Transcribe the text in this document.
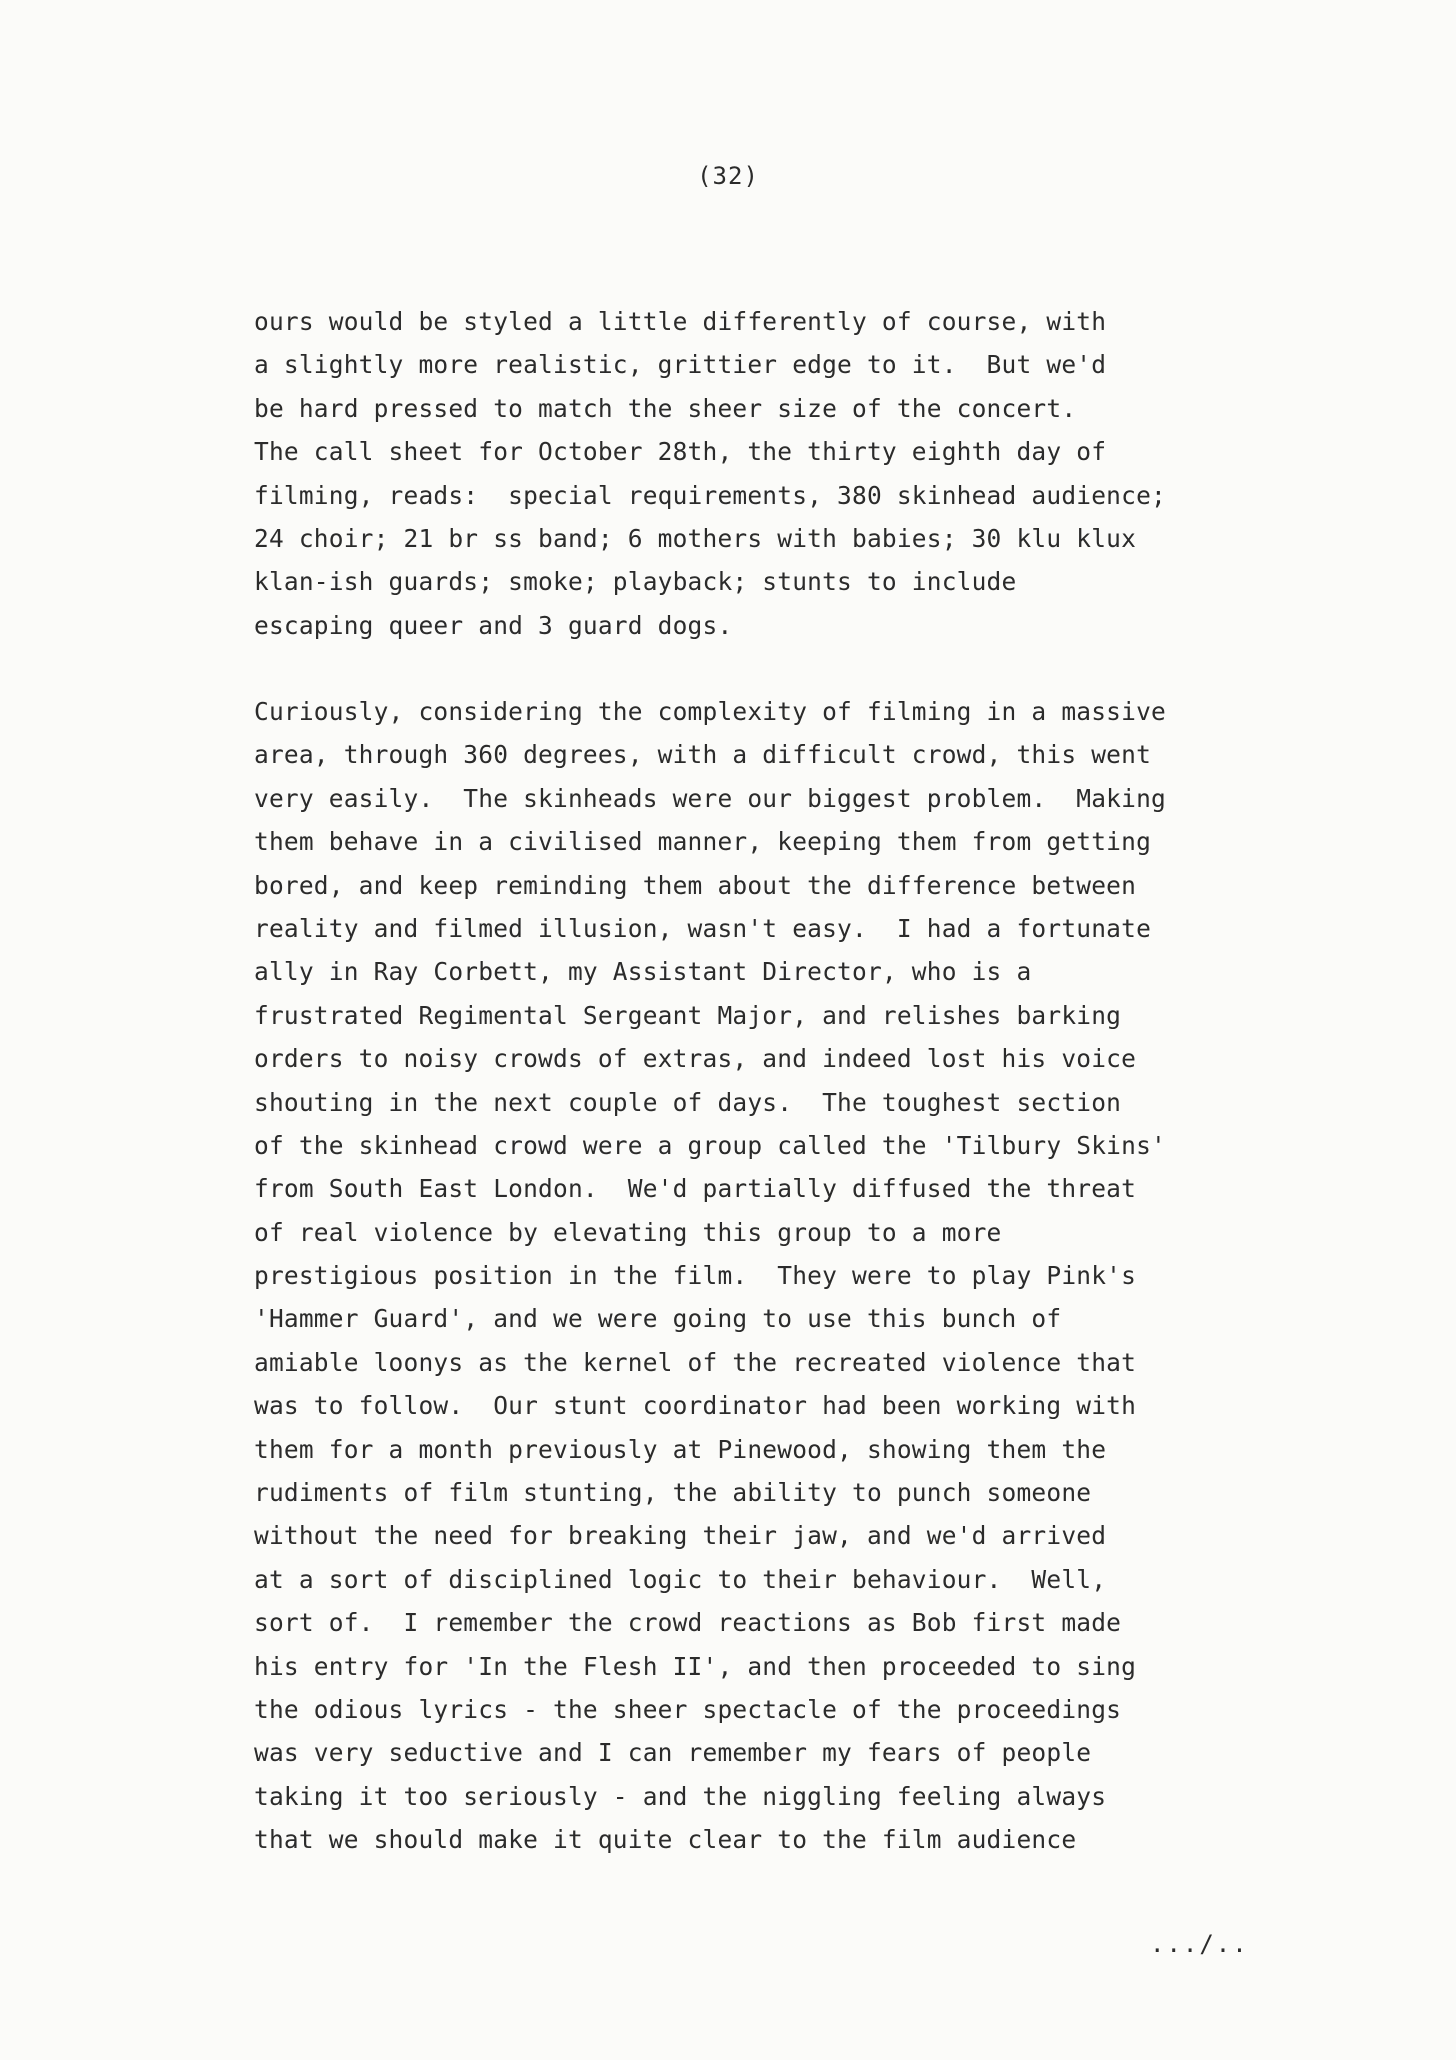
(32)
ours would be styled a little differently of course, with
a slightly more realistic, grittier edge to it.  But we'd
be hard pressed to match the sheer size of the concert.
The call sheet for October 28th, the thirty eighth day of
filming, reads:  special requirements, 380 skinhead audience;
24 choir; 21 br ss band; 6 mothers with babies; 30 klu klux
klan-ish guards; smoke; playback; stunts to include
escaping queer and 3 guard dogs.
Curiously, considering the complexity of filming in a massive
area, through 360 degrees, with a difficult crowd, this went
very easily.  The skinheads were our biggest problem.  Making
them behave in a civilised manner, keeping them from getting
bored, and keep reminding them about the difference between
reality and filmed illusion, wasn't easy.  I had a fortunate
ally in Ray Corbett, my Assistant Director, who is a
frustrated Regimental Sergeant Major, and relishes barking
orders to noisy crowds of extras, and indeed lost his voice
shouting in the next couple of days.  The toughest section
of the skinhead crowd were a group called the 'Tilbury Skins'
from South East London.  We'd partially diffused the threat
of real violence by elevating this group to a more
prestigious position in the film.  They were to play Pink's
'Hammer Guard', and we were going to use this bunch of
amiable loonys as the kernel of the recreated violence that
was to follow.  Our stunt coordinator had been working with
them for a month previously at Pinewood, showing them the
rudiments of film stunting, the ability to punch someone
without the need for breaking their jaw, and we'd arrived
at a sort of disciplined logic to their behaviour.  Well,
sort of.  I remember the crowd reactions as Bob first made
his entry for 'In the Flesh II', and then proceeded to sing
the odious lyrics - the sheer spectacle of the proceedings
was very seductive and I can remember my fears of people
taking it too seriously - and the niggling feeling always
that we should make it quite clear to the film audience
.../..
